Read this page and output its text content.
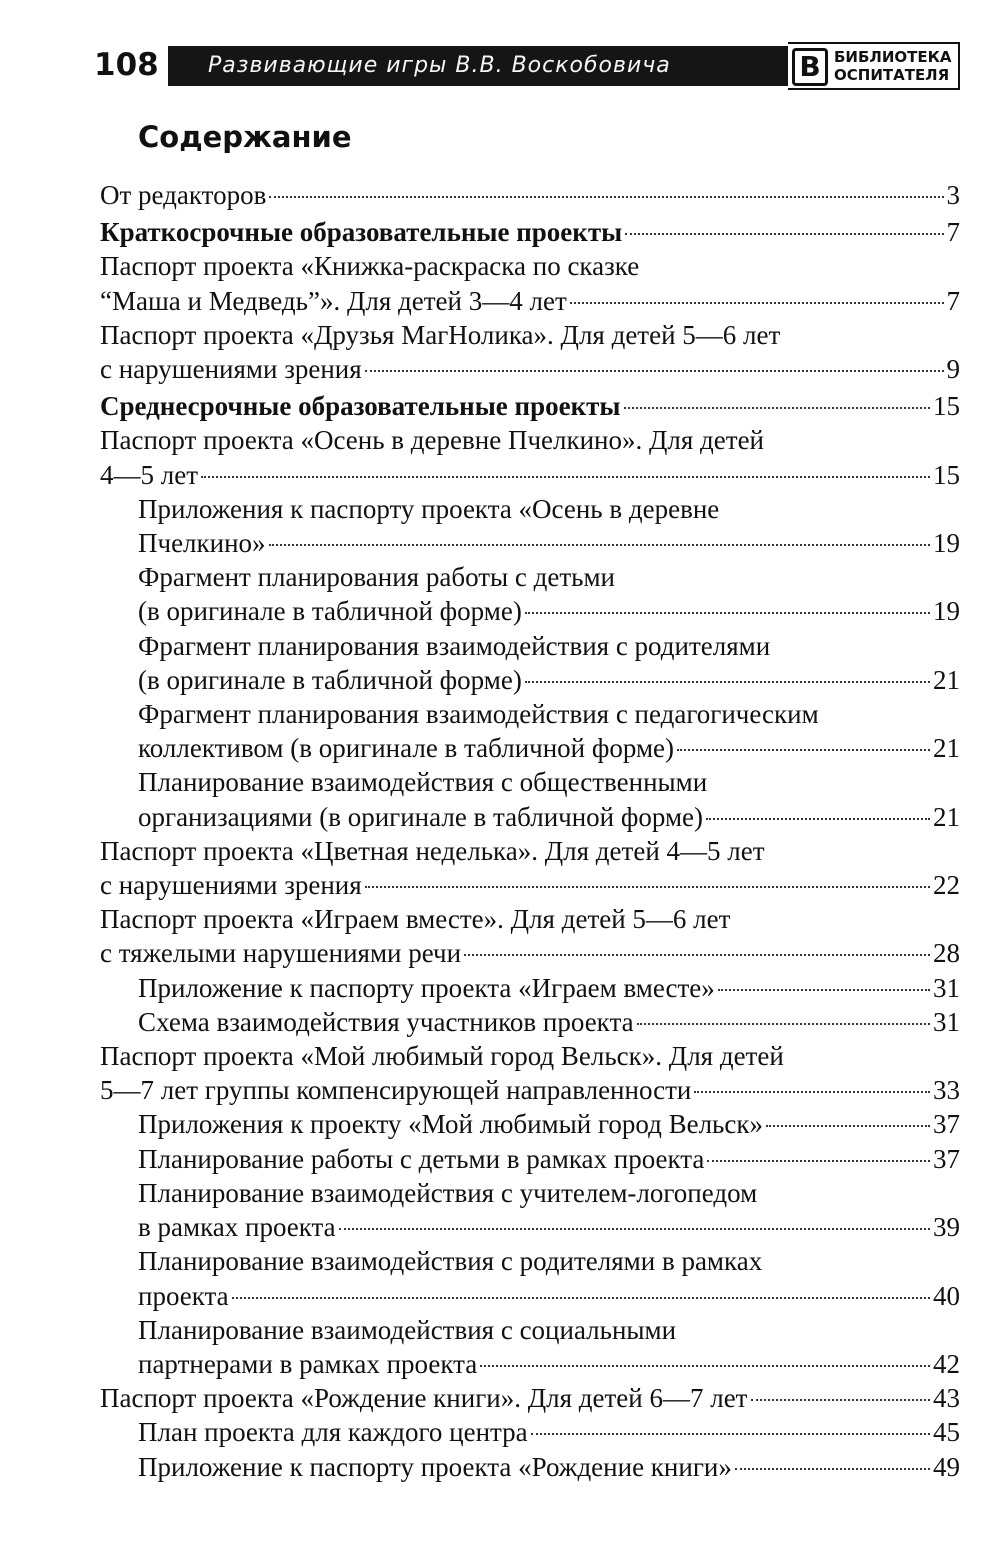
108 Развивающие игры В.В. Воскобовича	В БИБЛИОТЕКА
ОСПИТАТЕЛЯ
Содержание
От редакторов	3
Краткосрочные образовательные проекты	7
Паспорт проекта «Книжка-раскраска по сказке
“Маша и Медведь”». Для детей 3—4 лет	7
Паспорт проекта «Друзья МагНолика». Для детей 5—6 лет
с нарушениями зрения	9
Среднесрочные образовательные проекты	15
Паспорт проекта «Осень в деревне Пчелкино». Для детей
4—5 лет	15
Приложения к паспорту проекта «Осень в деревне
Пчелкино»	19
Фрагмент планирования работы с детьми
(в оригинале в табличной форме)	19
Фрагмент планирования взаимодействия с родителями
(в оригинале в табличной форме)	21
Фрагмент планирования взаимодействия с педагогическим
коллективом (в оригинале в табличной форме)	21
Планирование взаимодействия с общественными
организациями (в оригинале в табличной форме)	21
Паспорт проекта «Цветная неделька». Для детей 4—5 лет
с нарушениями зрения	22
Паспорт проекта «Играем вместе». Для детей 5—6 лет
с тяжелыми нарушениями речи	28
Приложение к паспорту проекта «Играем вместе»	31
Схема взаимодействия участников проекта	31
Паспорт проекта «Мой любимый город Вельск». Для детей
5—7 лет группы компенсирующей направленности	33
Приложения к проекту «Мой любимый город Вельск»	37
Планирование работы с детьми в рамках проекта	37
Планирование взаимодействия с учителем-логопедом
в рамках проекта	39
Планирование взаимодействия с родителями в рамках
проекта	40
Планирование взаимодействия с социальными
партнерами в рамках проекта	42
Паспорт проекта «Рождение книги». Для детей 6—7 лет	43
План проекта для каждого центра	45
Приложение к паспорту проекта «Рождение книги»	49
